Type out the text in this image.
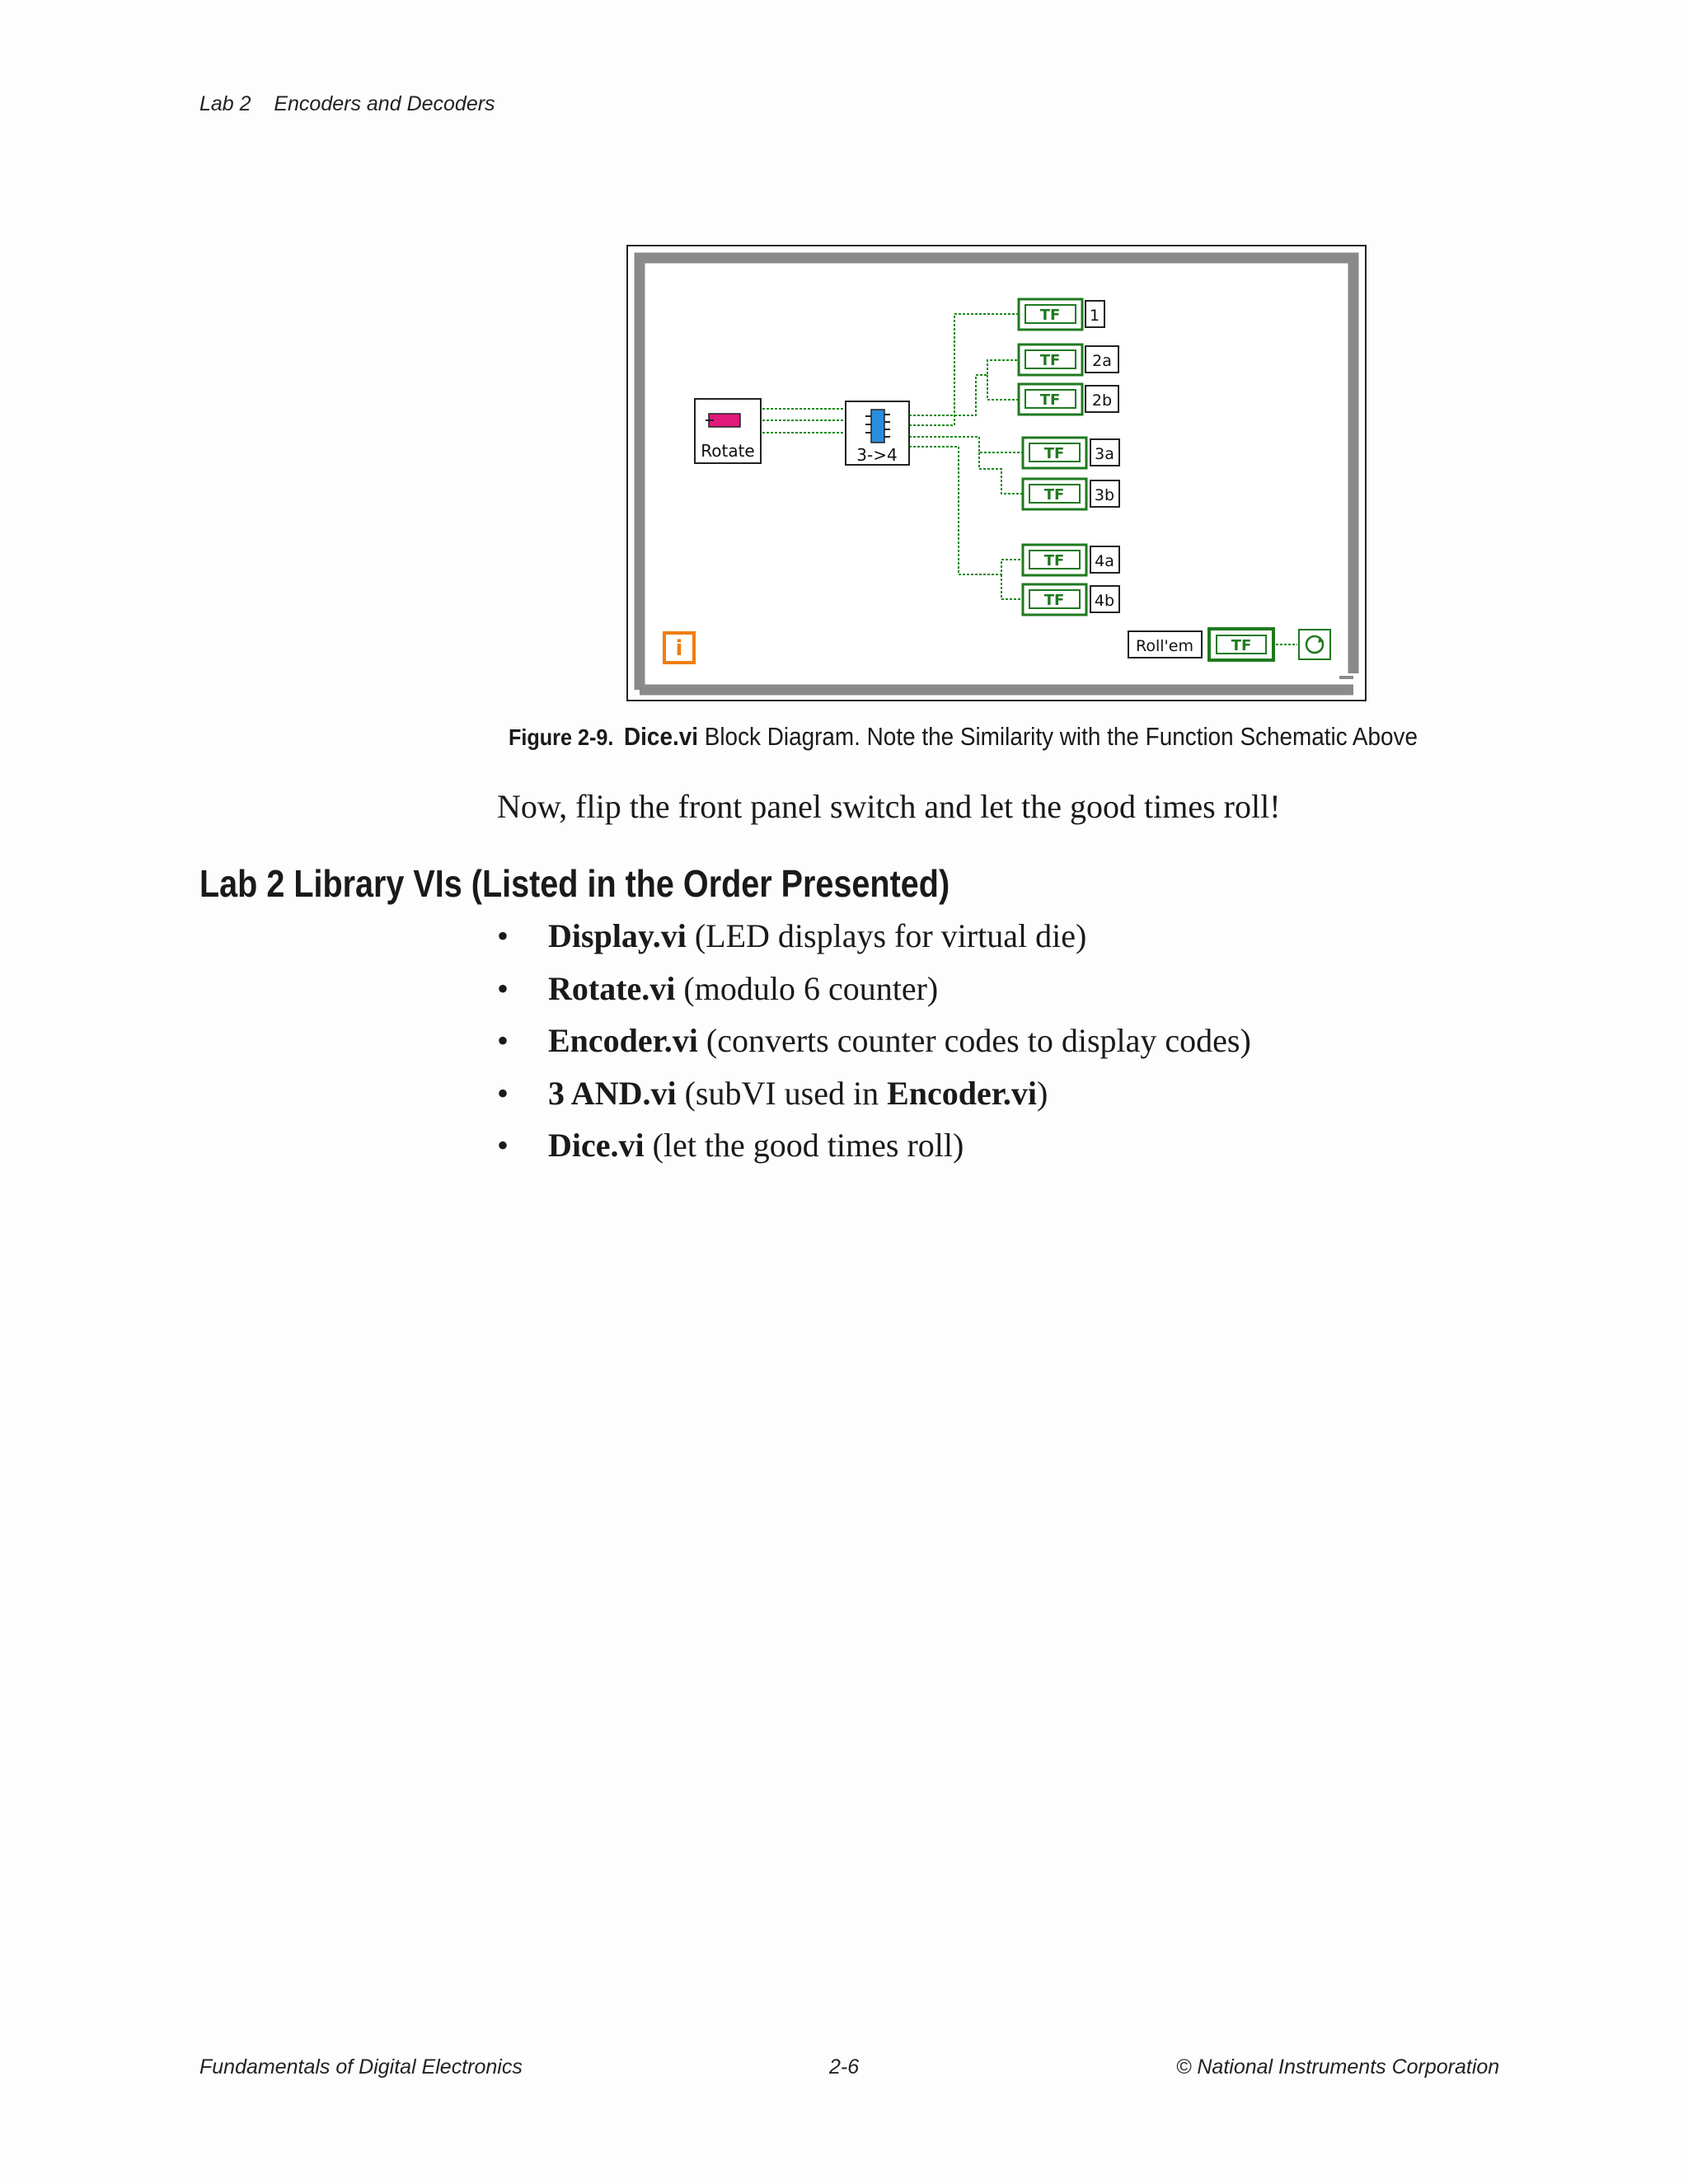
Lab 2    Encoders and Decoders
Rotate	3->4
TF 1
TF 2a
TF 2b
TF 3a
TF 3b
TF 4a
TF 4b
Roll'em	TF
i
Figure 2-9. Dice.vi Block Diagram. Note the Similarity with the Function Schematic Above
Now, flip the front panel switch and let the good times roll!
Lab 2 Library VIs (Listed in the Order Presented)
• Display.vi (LED displays for virtual die)
• Rotate.vi (modulo 6 counter)
• Encoder.vi (converts counter codes to display codes)
• 3 AND.vi (subVI used in Encoder.vi)
• Dice.vi (let the good times roll)
Fundamentals of Digital Electronics	2-6	© National Instruments Corporation
